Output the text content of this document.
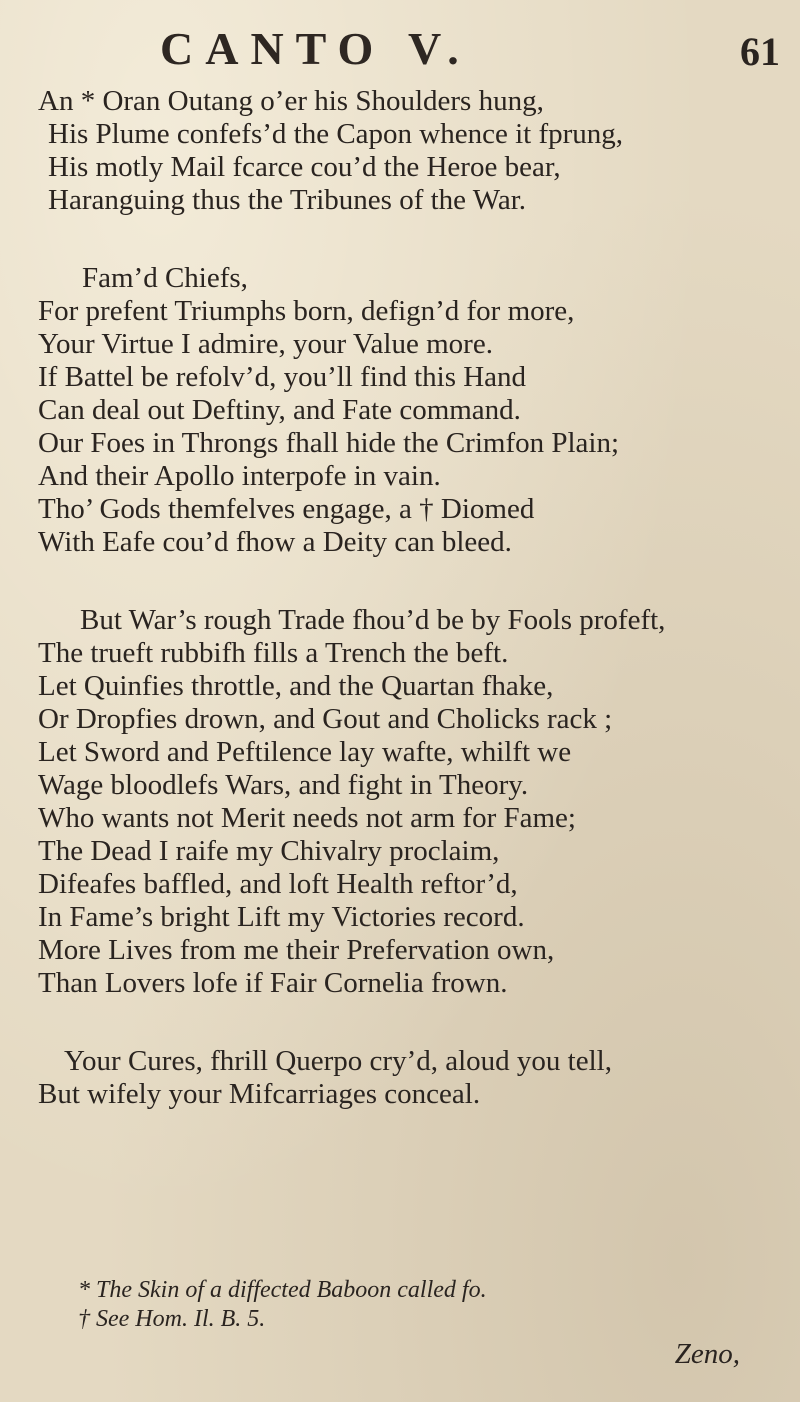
CANTO V.	61
An * Oran Outang o’er his Shoulders hung,
His Plume confefs’d the Capon whence it fprung,
His motly Mail fcarce cou’d the Heroe bear,
Haranguing thus the Tribunes of the War.
Fam’d Chiefs,
For prefent Triumphs born, defign’d for more,
Your Virtue I admire, your Value more.
If Battel be refolv’d, you’ll find this Hand
Can deal out Deftiny, and Fate command.
Our Foes in Throngs fhall hide the Crimfon Plain;
And their Apollo interpofe in vain.
Tho’ Gods themfelves engage, a † Diomed
With Eafe cou’d fhow a Deity can bleed.
But War’s rough Trade fhou’d be by Fools profeft,
The trueft rubbifh fills a Trench the beft.
Let Quinfies throttle, and the Quartan fhake,
Or Dropfies drown, and Gout and Cholicks rack ;
Let Sword and Peftilence lay wafte, whilft we
Wage bloodlefs Wars, and fight in Theory.
Who wants not Merit needs not arm for Fame;
The Dead I raife my Chivalry proclaim,
Difeafes baffled, and loft Health reftor’d,
In Fame’s bright Lift my Victories record.
More Lives from me their Prefervation own,
Than Lovers lofe if Fair Cornelia frown.
Your Cures, fhrill Querpo cry’d, aloud you tell,
But wifely your Mifcarriages conceal.
* The Skin of a diffected Baboon called fo.
† See Hom. Il. B. 5.
Zeno,
